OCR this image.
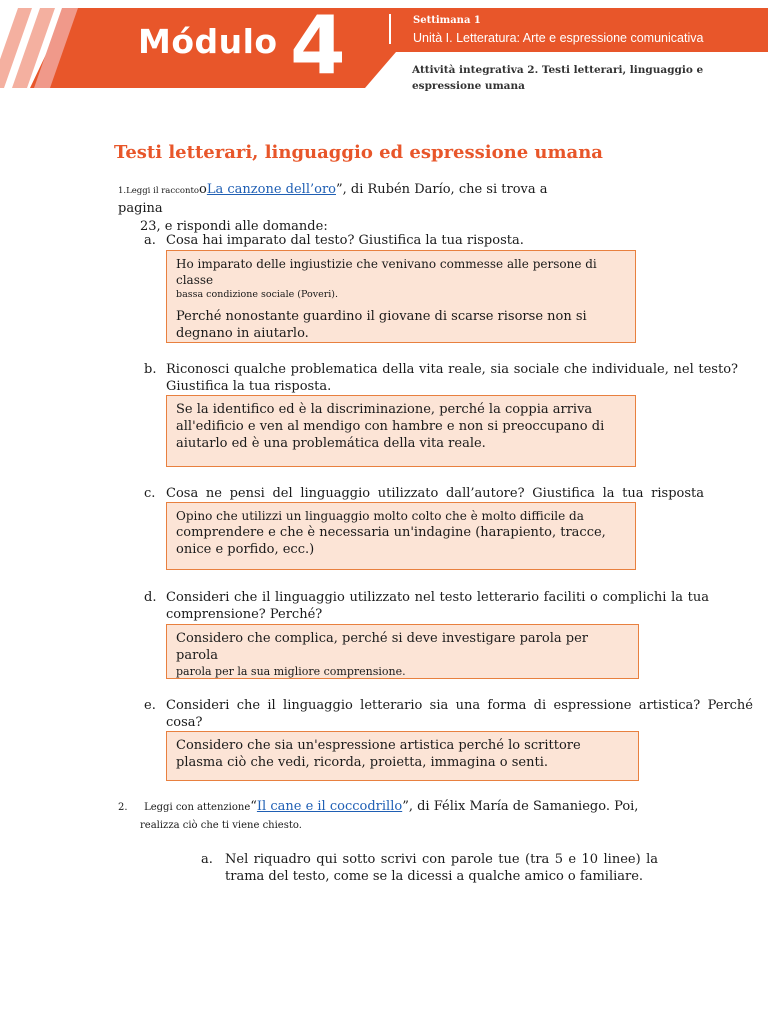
Módulo 4	Settimana 1
Unità I. Letteratura: Arte e espressione comunicativa
Attività integrativa 2. Testi letterari, linguaggio e espressione umana
Testi letterari, linguaggio ed espressione umana
1.Leggi il raccontooLa canzone dell’oro”, di Rubén Darío, che si trova a pagina
23, e rispondi alle domande:
a. Cosa hai imparato dal testo? Giustifica la tua risposta.
Ho imparato delle ingiustizie che venivano commesse alle persone di classe
bassa condizione sociale (Poveri).
Perché nonostante guardino il giovane di scarse risorse non si degnano in aiutarlo.
b. Riconosci qualche problematica della vita reale, sia sociale che individuale, nel testo? Giustifica la tua risposta.
Se la identifico ed è la discriminazione, perché la coppia arriva all'edificio e ven al mendigo con hambre e non si preoccupano di aiutarlo ed è una problemática della vita reale.
c. Cosa ne pensi del linguaggio utilizzato dall’autore? Giustifica la tua risposta
Opino che utilizzi un linguaggio molto colto che è molto difficile da
comprendere e che è necessaria un'indagine (harapiento, tracce, onice e porfido, ecc.)
d. Consideri che il linguaggio utilizzato nel testo letterario faciliti o complichi la tua comprensione? Perché?
Considero che complica, perché si deve investigare parola per parola
parola per la sua migliore comprensione.
e. Consideri che il linguaggio letterario sia una forma di espressione artistica? Perché cosa?
Considero che sia un'espressione artistica perché lo scrittore plasma ciò che vedi, ricorda, proietta, immagina o senti.
2. Leggi con attenzione“Il cane e il coccodrillo”, di Félix María de Samaniego. Poi,
realizza ciò che ti viene chiesto.
a. Nel riquadro qui sotto scrivi con parole tue (tra 5 e 10 linee) la trama del testo, come se la dicessi a qualche amico o familiare.
